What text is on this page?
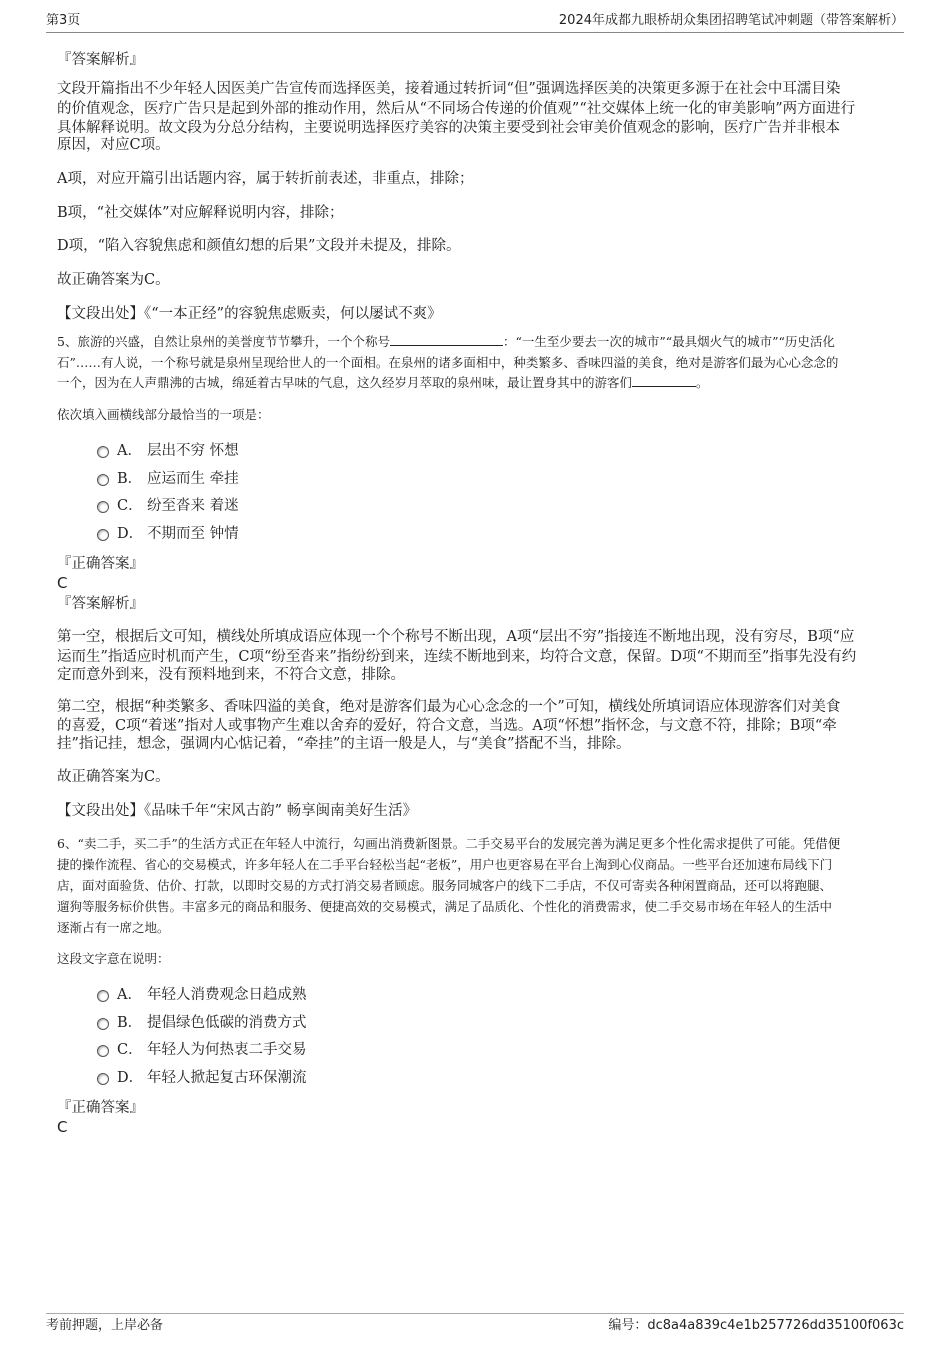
第3页	2024年成都九眼桥胡众集团招聘笔试冲刺题（带答案解析）
『答案解析』
文段开篇指出不少年轻人因医美广告宣传而选择医美，接着通过转折词“但”强调选择医美的决策更多源于在社会中耳濡目染
的价值观念，医疗广告只是起到外部的推动作用，然后从“不同场合传递的价值观”“社交媒体上统一化的审美影响”两方面进行
具体解释说明。故文段为分总分结构，主要说明选择医疗美容的决策主要受到社会审美价值观念的影响，医疗广告并非根本
原因，对应C项。
A项，对应开篇引出话题内容，属于转折前表述，非重点，排除；
B项，“社交媒体”对应解释说明内容，排除；
D项，“陷入容貌焦虑和颜值幻想的后果”文段并未提及，排除。
故正确答案为C。
【文段出处】《“一本正经”的容貌焦虑贩卖，何以屡试不爽》
5、旅游的兴盛，自然让泉州的美誉度节节攀升，一个个称号	：“一生至少要去一次的城市”“最具烟火气的城市”“历史活化
石”……有人说，一个称号就是泉州呈现给世人的一个面相。在泉州的诸多面相中，种类繁多、香味四溢的美食，绝对是游客们最为心心念念的
一个，因为在人声鼎沸的古城，绵延着古早味的气息，这久经岁月萃取的泉州味，最让置身其中的游客们	。
依次填入画横线部分最恰当的一项是：
A． 层出不穷 怀想
B． 应运而生 牵挂
C． 纷至沓来 着迷
D． 不期而至 钟情
『正确答案』
C
『答案解析』
第一空，根据后文可知，横线处所填成语应体现一个个称号不断出现，A项“层出不穷”指接连不断地出现，没有穷尽，B项“应
运而生”指适应时机而产生，C项“纷至沓来”指纷纷到来，连续不断地到来，均符合文意，保留。D项“不期而至”指事先没有约
定而意外到来，没有预料地到来，不符合文意，排除。
第二空，根据“种类繁多、香味四溢的美食，绝对是游客们最为心心念念的一个”可知，横线处所填词语应体现游客们对美食
的喜爱，C项“着迷”指对人或事物产生难以舍弃的爱好，符合文意，当选。A项“怀想”指怀念，与文意不符，排除；B项“牵
挂”指记挂，想念，强调内心惦记着，“牵挂”的主语一般是人，与“美食”搭配不当，排除。
故正确答案为C。
【文段出处】《品味千年“宋风古韵” 畅享闽南美好生活》
6、“卖二手，买二手”的生活方式正在年轻人中流行，勾画出消费新图景。二手交易平台的发展完善为满足更多个性化需求提供了可能。凭借便
捷的操作流程、省心的交易模式，许多年轻人在二手平台轻松当起“老板”，用户也更容易在平台上淘到心仪商品。一些平台还加速布局线下门
店，面对面验货、估价、打款，以即时交易的方式打消交易者顾虑。服务同城客户的线下二手店，不仅可寄卖各种闲置商品，还可以将跑腿、
遛狗等服务标价供售。丰富多元的商品和服务、便捷高效的交易模式，满足了品质化、个性化的消费需求，使二手交易市场在年轻人的生活中
逐渐占有一席之地。
这段文字意在说明：
A． 年轻人消费观念日趋成熟
B． 提倡绿色低碳的消费方式
C． 年轻人为何热衷二手交易
D． 年轻人掀起复古环保潮流
『正确答案』
C
考前押题，上岸必备	编号：dc8a4a839c4e1b257726dd35100f063c
